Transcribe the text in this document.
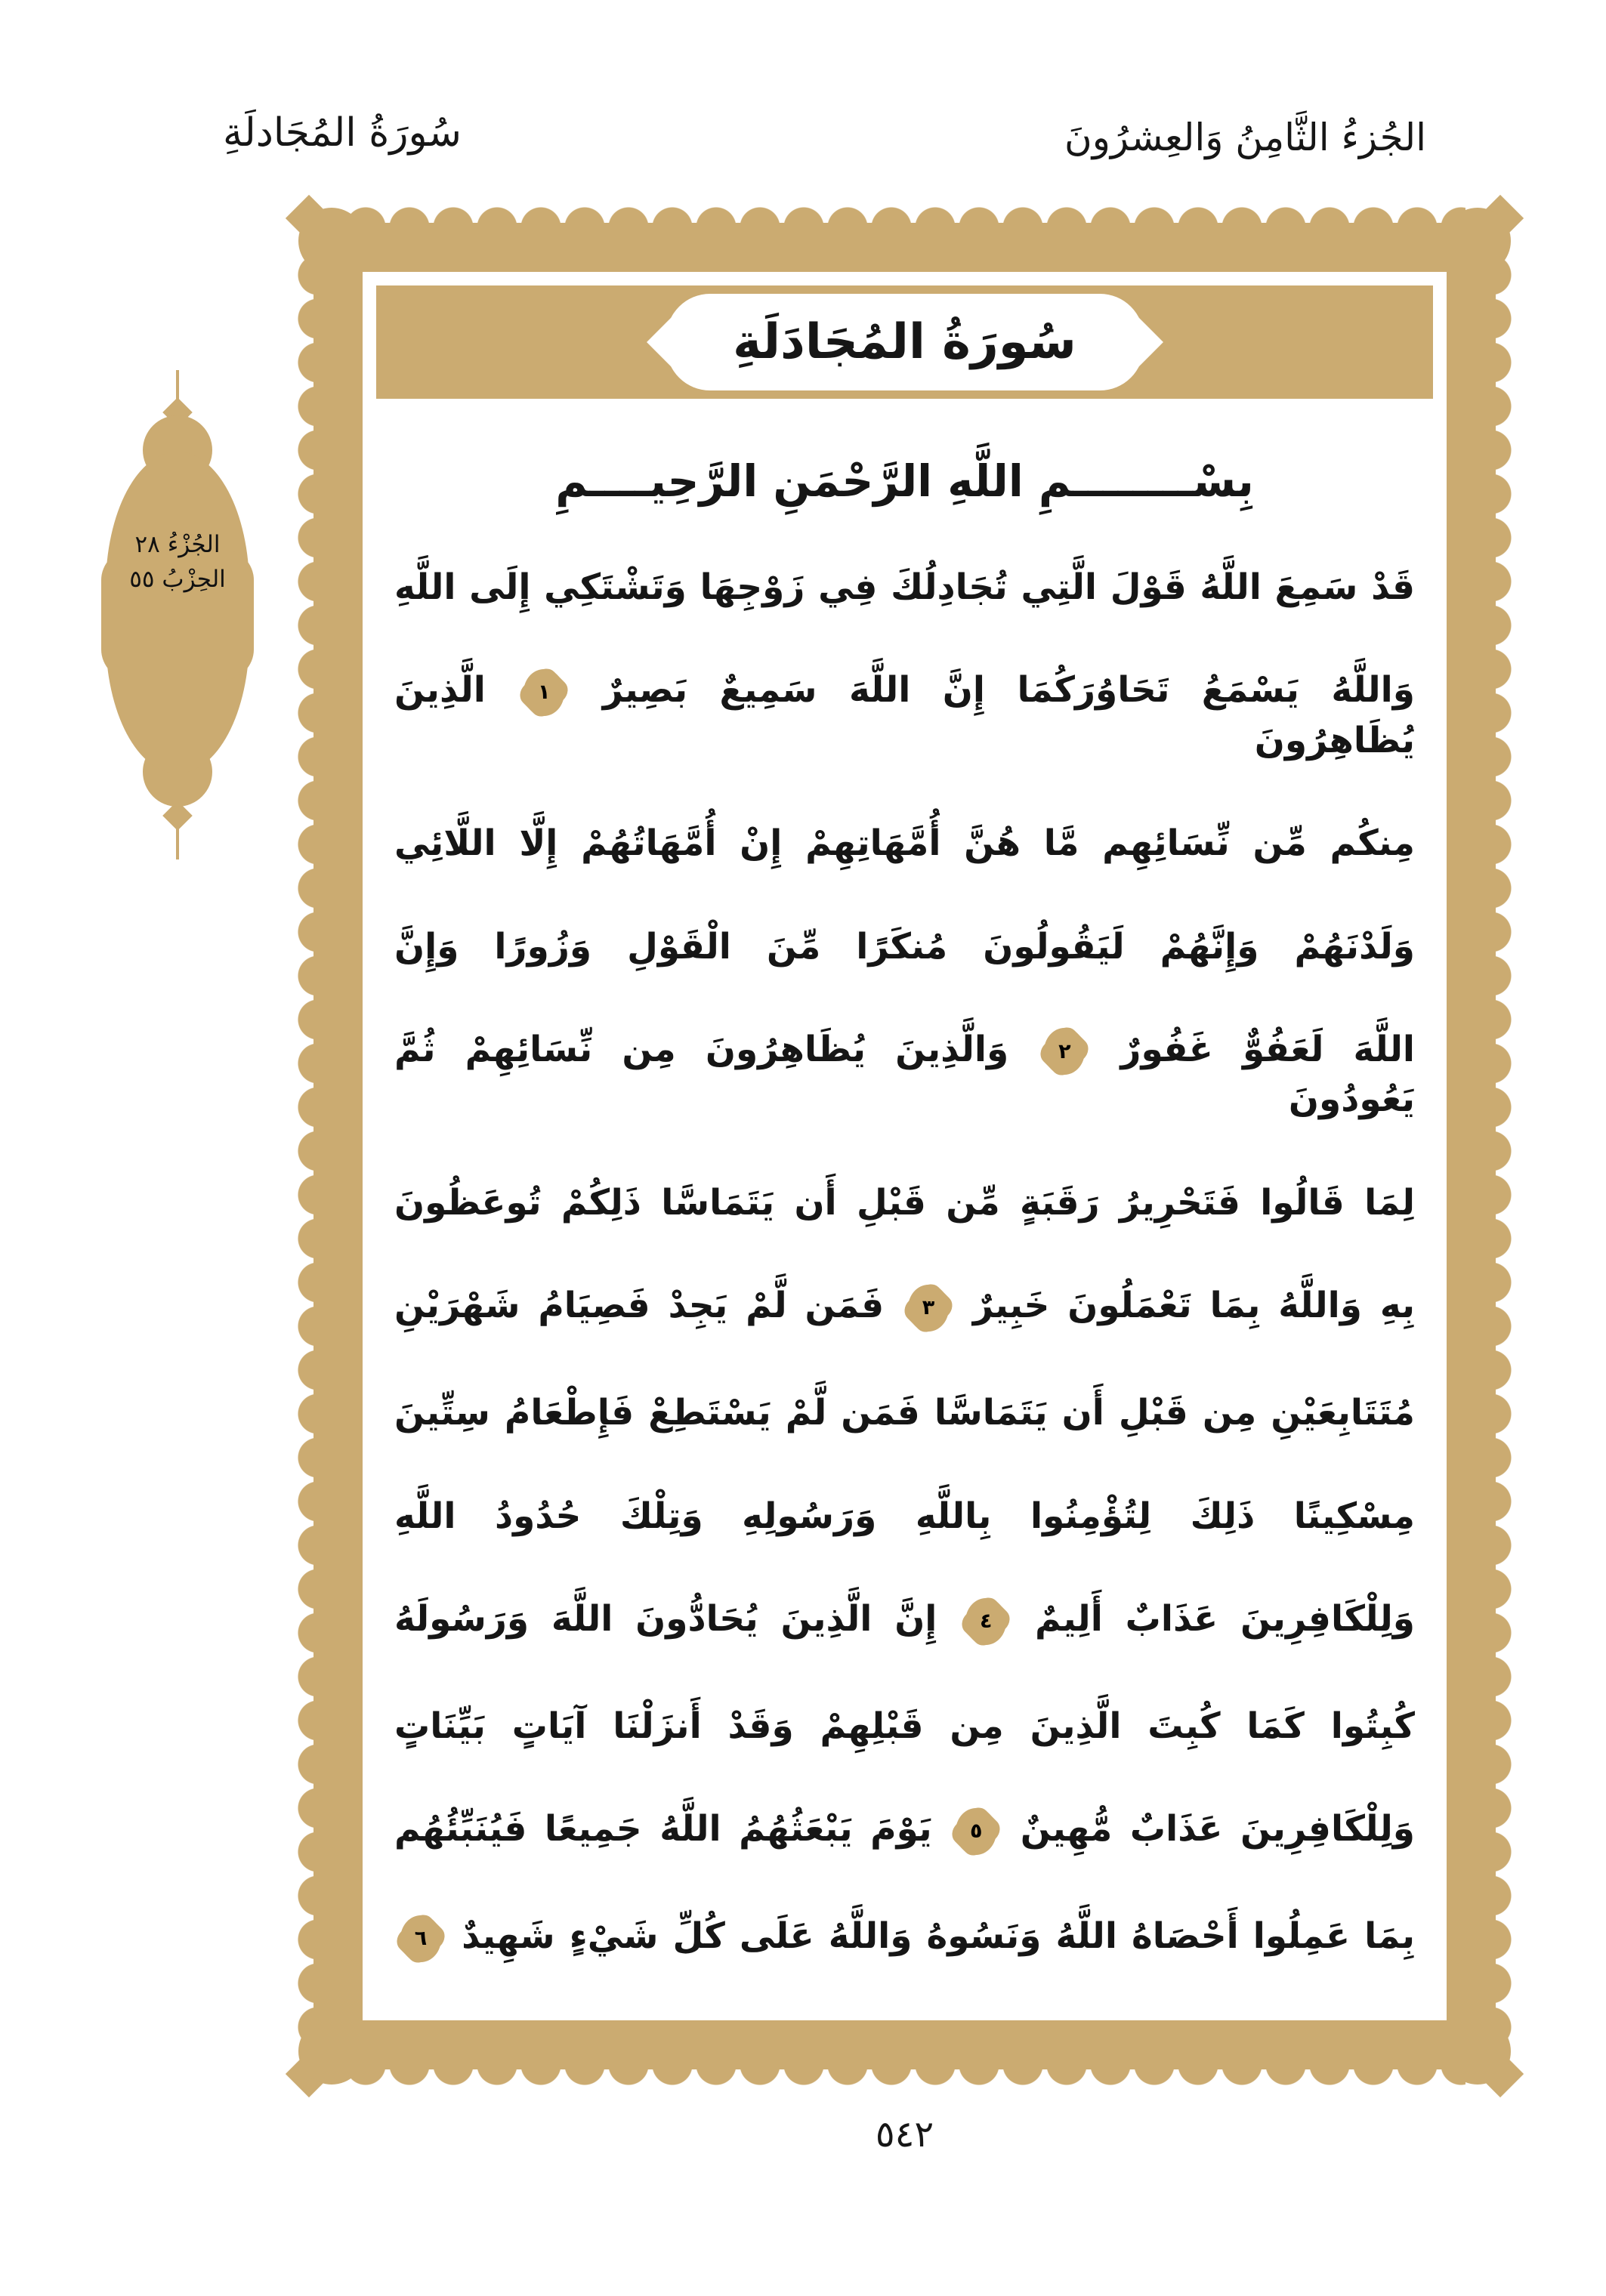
سُورَةُ المُجَادلَةِ	الجُزءُ الثَّامِنُ وَالعِشرُونَ
الجُزْءُ ٢٨
الحِزْبُ ٥٥
سُورَةُ المُجَادَلَةِ
بِسْــــــــمِ اللَّهِ الرَّحْمَنِ الرَّحِيــــمِ
قَدْ سَمِعَ اللَّهُ قَوْلَ الَّتِي تُجَادِلُكَ فِي زَوْجِهَا وَتَشْتَكِي إِلَى اللَّهِ
وَاللَّهُ يَسْمَعُ تَحَاوُرَكُمَا إِنَّ اللَّهَ سَمِيعٌ بَصِيرٌ
١
الَّذِينَ يُظَاهِرُونَ
مِنكُم مِّن نِّسَائِهِم مَّا هُنَّ أُمَّهَاتِهِمْ إِنْ أُمَّهَاتُهُمْ إِلَّا اللَّائِي
وَلَدْنَهُمْ وَإِنَّهُمْ لَيَقُولُونَ مُنكَرًا مِّنَ الْقَوْلِ وَزُورًا وَإِنَّ
اللَّهَ لَعَفُوٌّ غَفُورٌ
٢
وَالَّذِينَ يُظَاهِرُونَ مِن نِّسَائِهِمْ ثُمَّ يَعُودُونَ
لِمَا قَالُوا فَتَحْرِيرُ رَقَبَةٍ مِّن قَبْلِ أَن يَتَمَاسَّا ذَلِكُمْ تُوعَظُونَ
بِهِ وَاللَّهُ بِمَا تَعْمَلُونَ خَبِيرٌ
٣
فَمَن لَّمْ يَجِدْ فَصِيَامُ شَهْرَيْنِ
مُتَتَابِعَيْنِ مِن قَبْلِ أَن يَتَمَاسَّا فَمَن لَّمْ يَسْتَطِعْ فَإِطْعَامُ سِتِّينَ
مِسْكِينًا ذَلِكَ لِتُؤْمِنُوا بِاللَّهِ وَرَسُولِهِ وَتِلْكَ حُدُودُ اللَّهِ
وَلِلْكَافِرِينَ عَذَابٌ أَلِيمٌ
٤
إِنَّ الَّذِينَ يُحَادُّونَ اللَّهَ وَرَسُولَهُ
كُبِتُوا كَمَا كُبِتَ الَّذِينَ مِن قَبْلِهِمْ وَقَدْ أَنزَلْنَا آيَاتٍ بَيِّنَاتٍ
وَلِلْكَافِرِينَ عَذَابٌ مُّهِينٌ
٥
يَوْمَ يَبْعَثُهُمُ اللَّهُ جَمِيعًا فَيُنَبِّئُهُم
بِمَا عَمِلُوا أَحْصَاهُ اللَّهُ وَنَسُوهُ وَاللَّهُ عَلَى كُلِّ شَيْءٍ شَهِيدٌ
٦
٥٤٢
